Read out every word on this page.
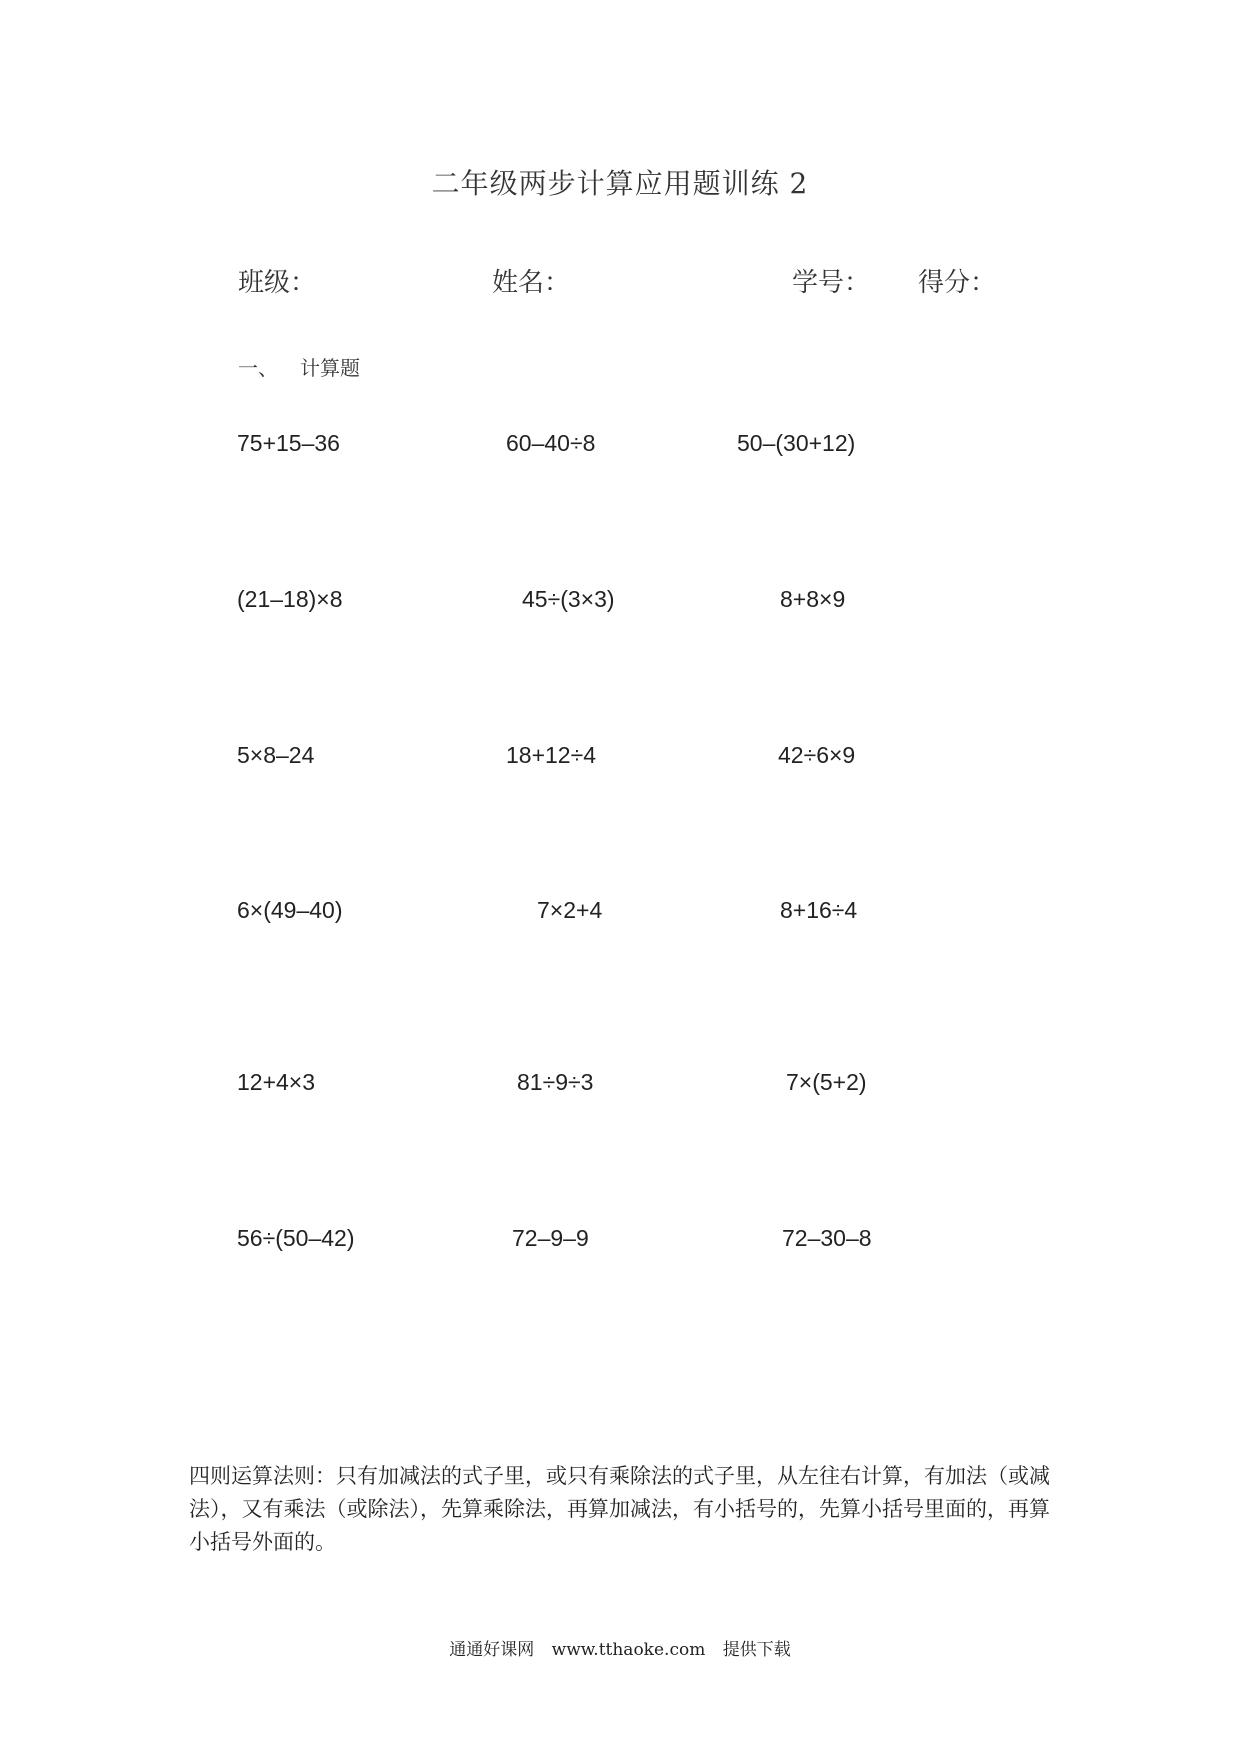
二年级两步计算应用题训练 2
班级：	姓名：	学号： 得分：
一、 计算题
75+15–36	60–40÷8	50–(30+12)
(21–18)×8	45÷(3×3)	8+8×9
5×8–24	18+12÷4	42÷6×9
6×(49–40)	7×2+4	8+16÷4
12+4×3	81÷9÷3	7×(5+2)
56÷(50–42)	72–9–9	72–30–8
四则运算法则：只有加减法的式子里，或只有乘除法的式子里，从左往右计算，有加法（或减法），又有乘法（或除法），先算乘除法，再算加减法，有小括号的，先算小括号里面的，再算小括号外面的。
通通好课网 www.tthaoke.com 提供下载
